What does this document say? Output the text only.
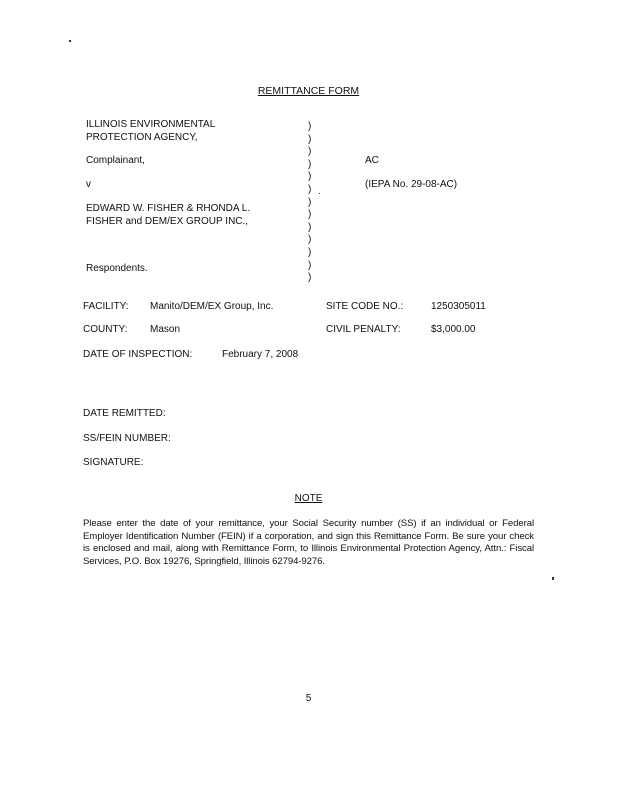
REMITTANCE FORM
ILLINOIS ENVIRONMENTAL
PROTECTION AGENCY,
Complainant,
v
EDWARD W. FISHER & RHONDA L.
FISHER and DEM/EX GROUP INC.,
Respondents.
)
)
)
)
)
)
)
)
)
)
)
)
)
AC
(IEPA No. 29-08-AC)
FACILITY: Manito/DEM/EX Group, Inc.	SITE CODE NO.:	1250305011
COUNTY: Mason	CIVIL PENALTY:	$3,000.00
DATE OF INSPECTION:	February 7, 2008
DATE REMITTED:
SS/FEIN NUMBER:
SIGNATURE:
NOTE
Please enter the date of your remittance, your Social Security number (SS) if an individual or Federal Employer Identification Number (FEIN) if a corporation, and sign this Remittance Form. Be sure your check is enclosed and mail, along with Remittance Form, to Illinois Environmental Protection Agency, Attn.: Fiscal Services, P.O. Box 19276, Springfield, Illinois 62794-9276.
5
